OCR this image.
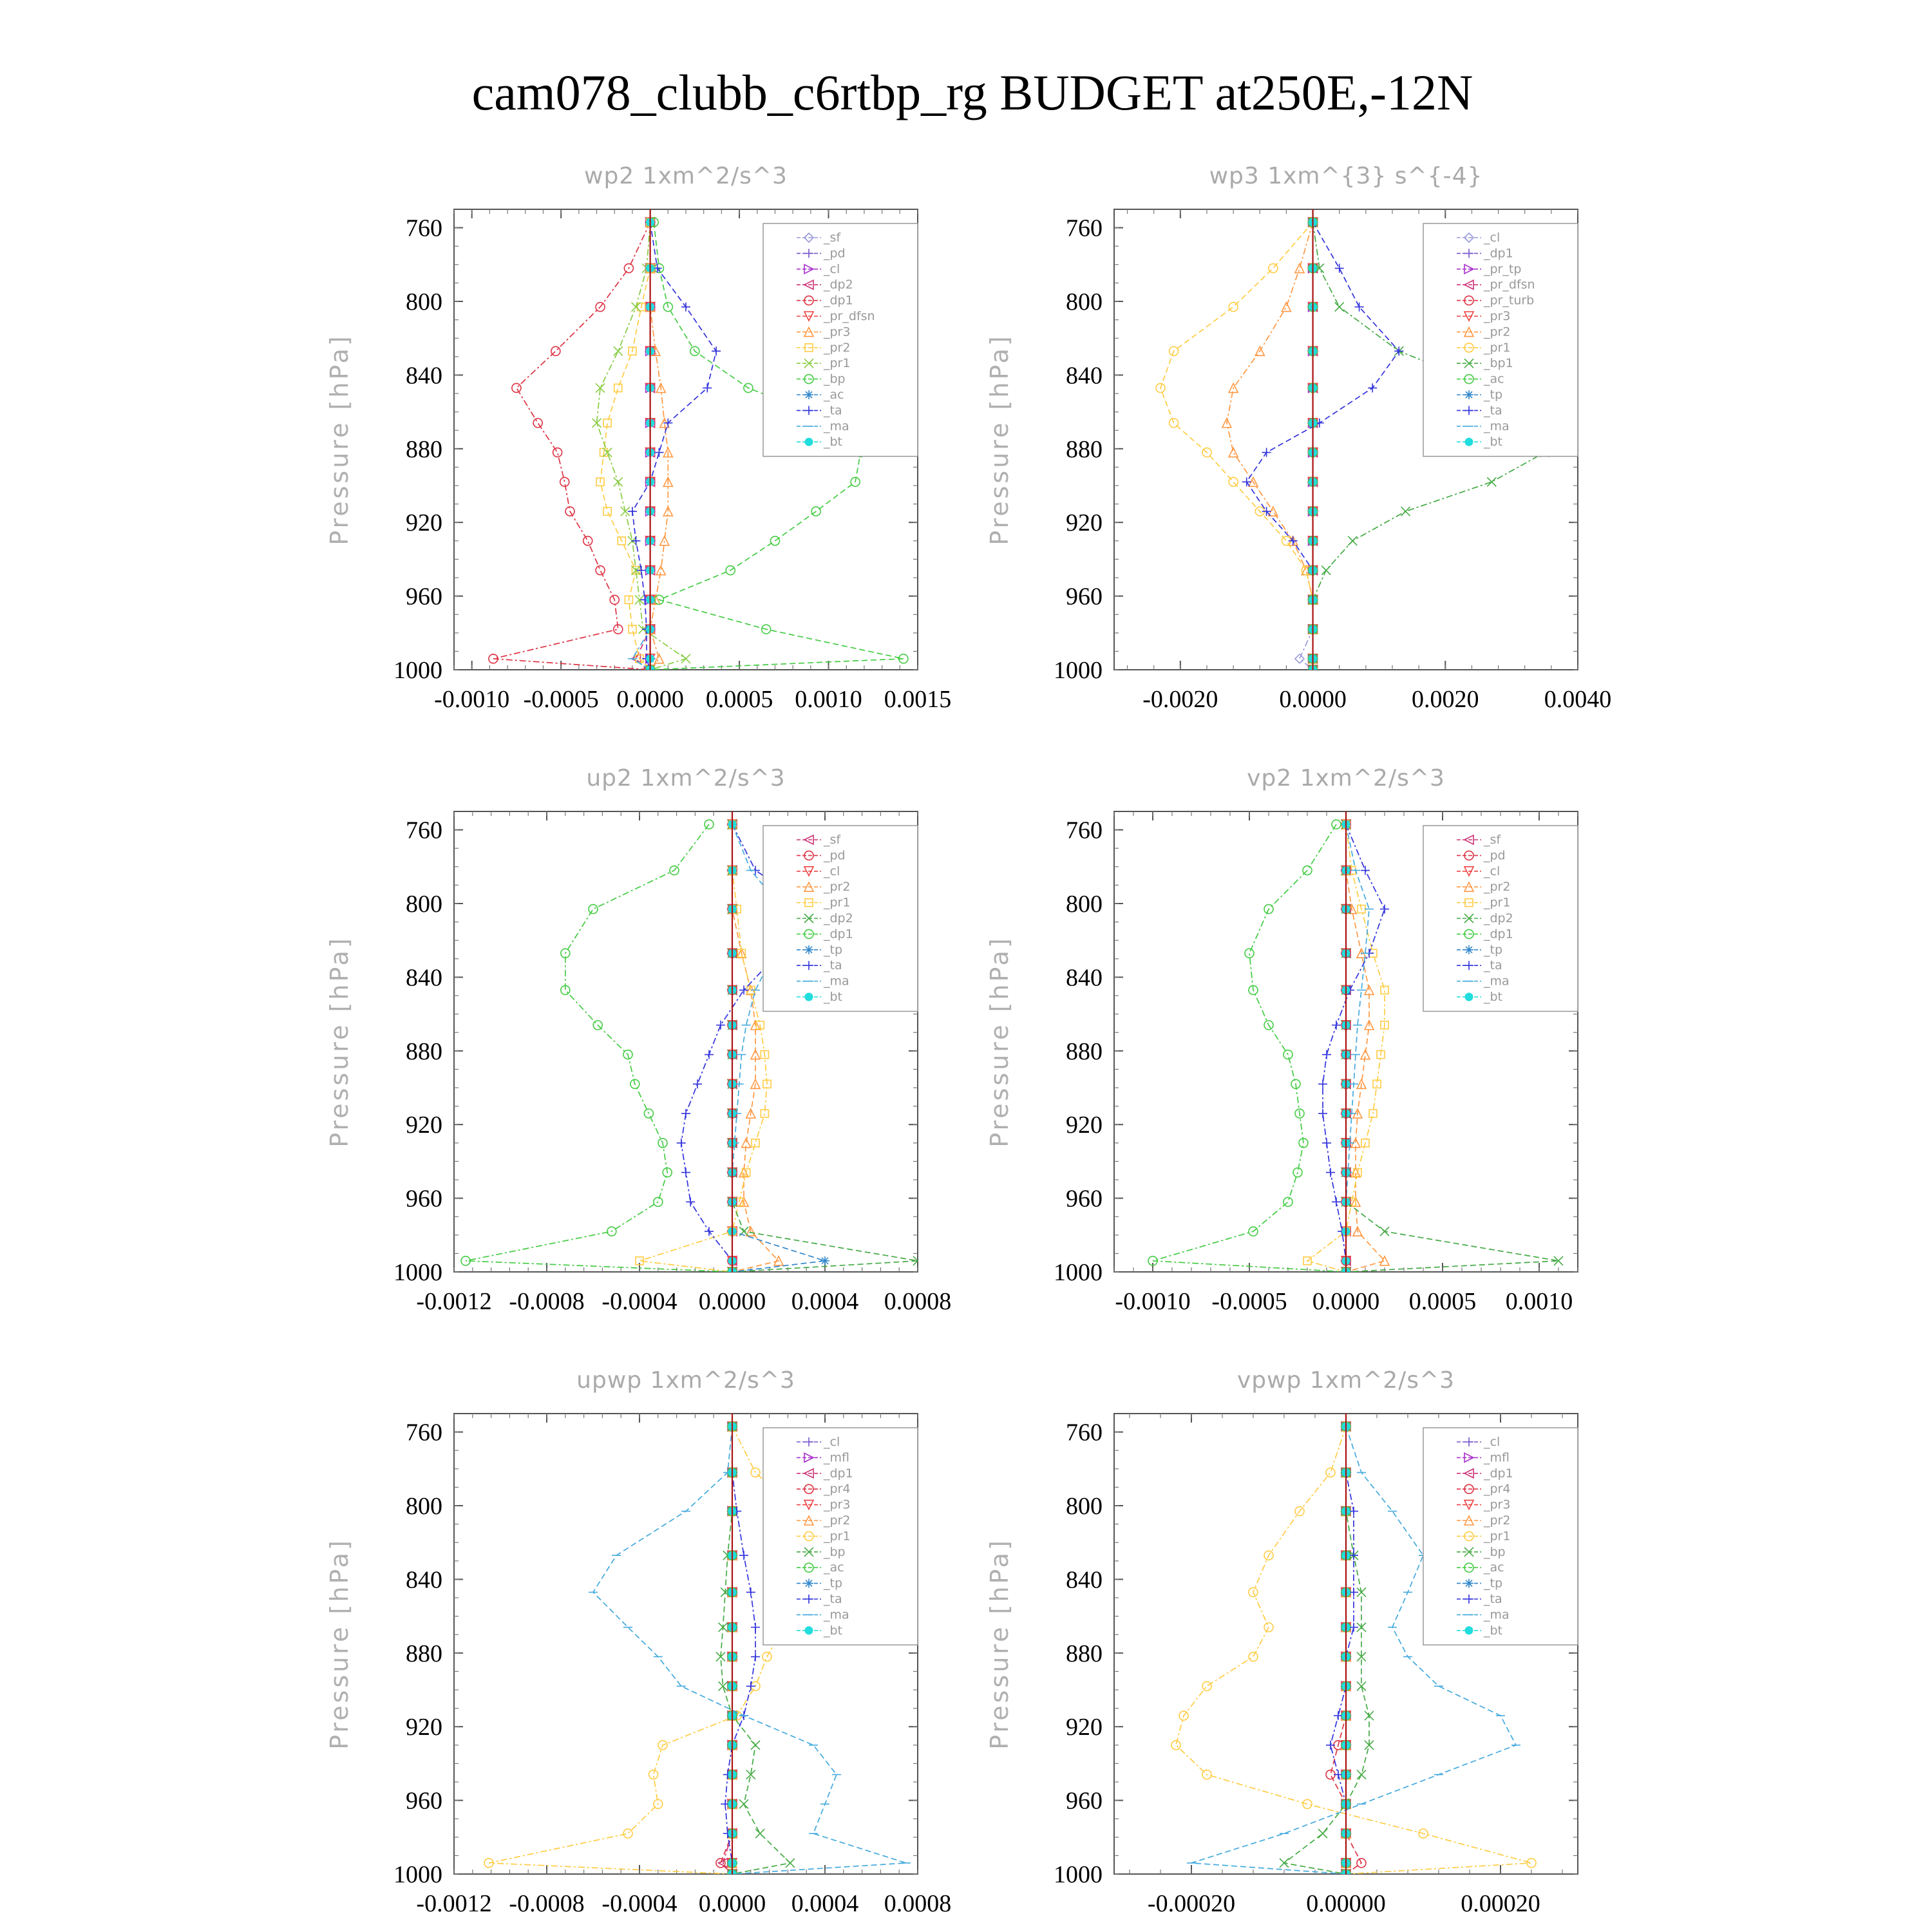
cam078_clubb_c6rtbp_rg BUDGET at250E,-12N
wp2 1xm^2/s^3
Pressure [hPa]
760
800
840
880
920
960
1000
-0.0010 -0.0005 0.0000 0.0005 0.0010 0.0015
_sf
_pd
_cl
_dp2
_dp1
_pr_dfsn
_pr3
_pr2
_pr1
_bp
_ac
_ta
_ma
_bt
wp3 1xm^{3} s^{-4}
Pressure [hPa]
760
800
840
880
920
960
1000
-0.0020 0.0000	0.0020	0.0040
_cl
_dp1
_pr_tp
_pr_dfsn
_pr_turb
_pr3
_pr2
_pr1
_bp1
_ac
_tp
_ta
_ma
_bt
up2 1xm^2/s^3
Pressure [hPa]
760
800
840
880
920
960
1000
-0.0012 -0.0008 -0.0004 0.0000 0.0004 0.0008
_sf
_pd
_cl
_pr2
_pr1
_dp2
_dp1
_tp
_ta
_ma
_bt
vp2 1xm^2/s^3
Pressure [hPa]
760
800
840
880
920
960
1000
-0.0010 -0.0005 0.0000 0.0005 0.0010
_sf
_pd
_cl
_pr2
_pr1
_dp2
_dp1
_tp
_ta
_ma
_bt
upwp 1xm^2/s^3
Pressure [hPa]
760
800
840
880
920
960
1000
-0.0012 -0.0008 -0.0004 0.0000 0.0004 0.0008
_cl
_mfl
_dp1
_pr4
_pr3
_pr2
_pr1
_bp
_ac
_tp
_ta
_ma
_bt
vpwp 1xm^2/s^3
Pressure [hPa]
760
800
840
880
920
960
1000
-0.00020	0.00000	0.00020
_cl
_mfl
_dp1
_pr4
_pr3
_pr2
_pr1
_bp
_ac
_tp
_ta
_ma
_bt
